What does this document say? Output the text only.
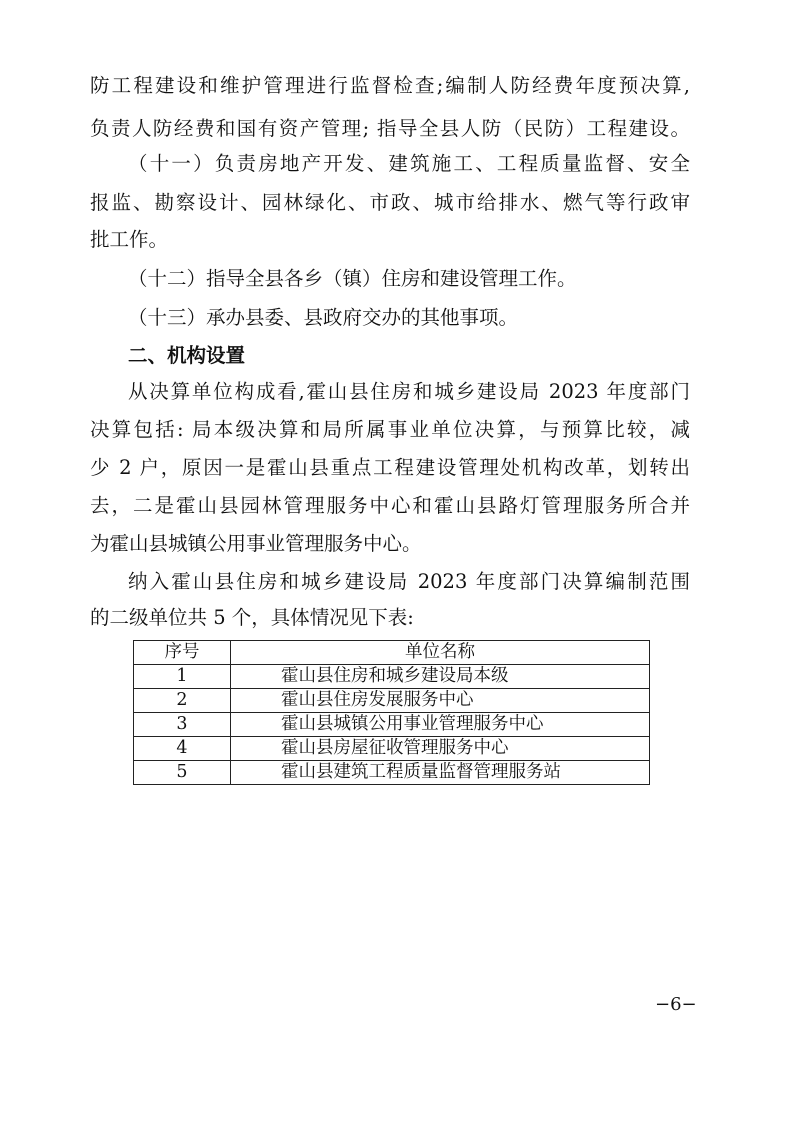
防工程建设和维护管理进行监督检查;编制人防经费年度预决算,
负责人防经费和国有资产管理; 指导全县人防（民防）工程建设。
（十一）负责房地产开发、建筑施工、工程质量监督、安全
报监、勘察设计、园林绿化、市政、城市给排水、燃气等行政审
批工作。
（十二）指导全县各乡（镇）住房和建设管理工作。
（十三）承办县委、县政府交办的其他事项。
二、机构设置
从决算单位构成看,霍山县住房和城乡建设局 2023 年度部门
决算包括: 局本级决算和局所属事业单位决算，与预算比较，减
少 2 户，原因一是霍山县重点工程建设管理处机构改革，划转出
去，二是霍山县园林管理服务中心和霍山县路灯管理服务所合并
为霍山县城镇公用事业管理服务中心。
纳入霍山县住房和城乡建设局 2023 年度部门决算编制范围
的二级单位共 5 个，具体情况见下表:
序号	单位名称
1	霍山县住房和城乡建设局本级
2	霍山县住房发展服务中心
3	霍山县城镇公用事业管理服务中心
4	霍山县房屋征收管理服务中心
5	霍山县建筑工程质量监督管理服务站
−6−
